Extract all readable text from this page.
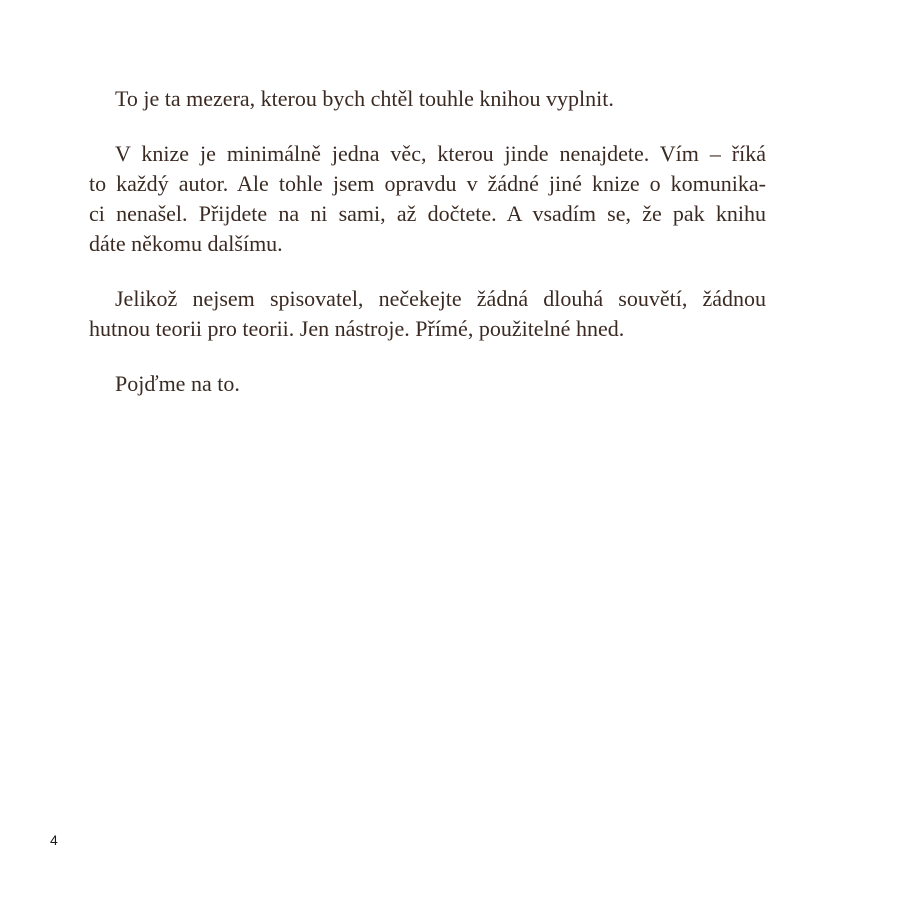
To je ta mezera, kterou bych chtěl touhle knihou vyplnit.

V knize je minimálně jedna věc, kterou jinde nenajdete. Vím – říká
to každý autor. Ale tohle jsem opravdu v žádné jiné knize o komunika-
ci nenašel. Přijdete na ni sami, až dočtete. A vsadím se, že pak knihu
dáte někomu dalšímu.

Jelikož nejsem spisovatel, nečekejte žádná dlouhá souvětí, žádnou
hutnou teorii pro teorii. Jen nástroje. Přímé, použitelné hned.

Pojďme na to.

4
